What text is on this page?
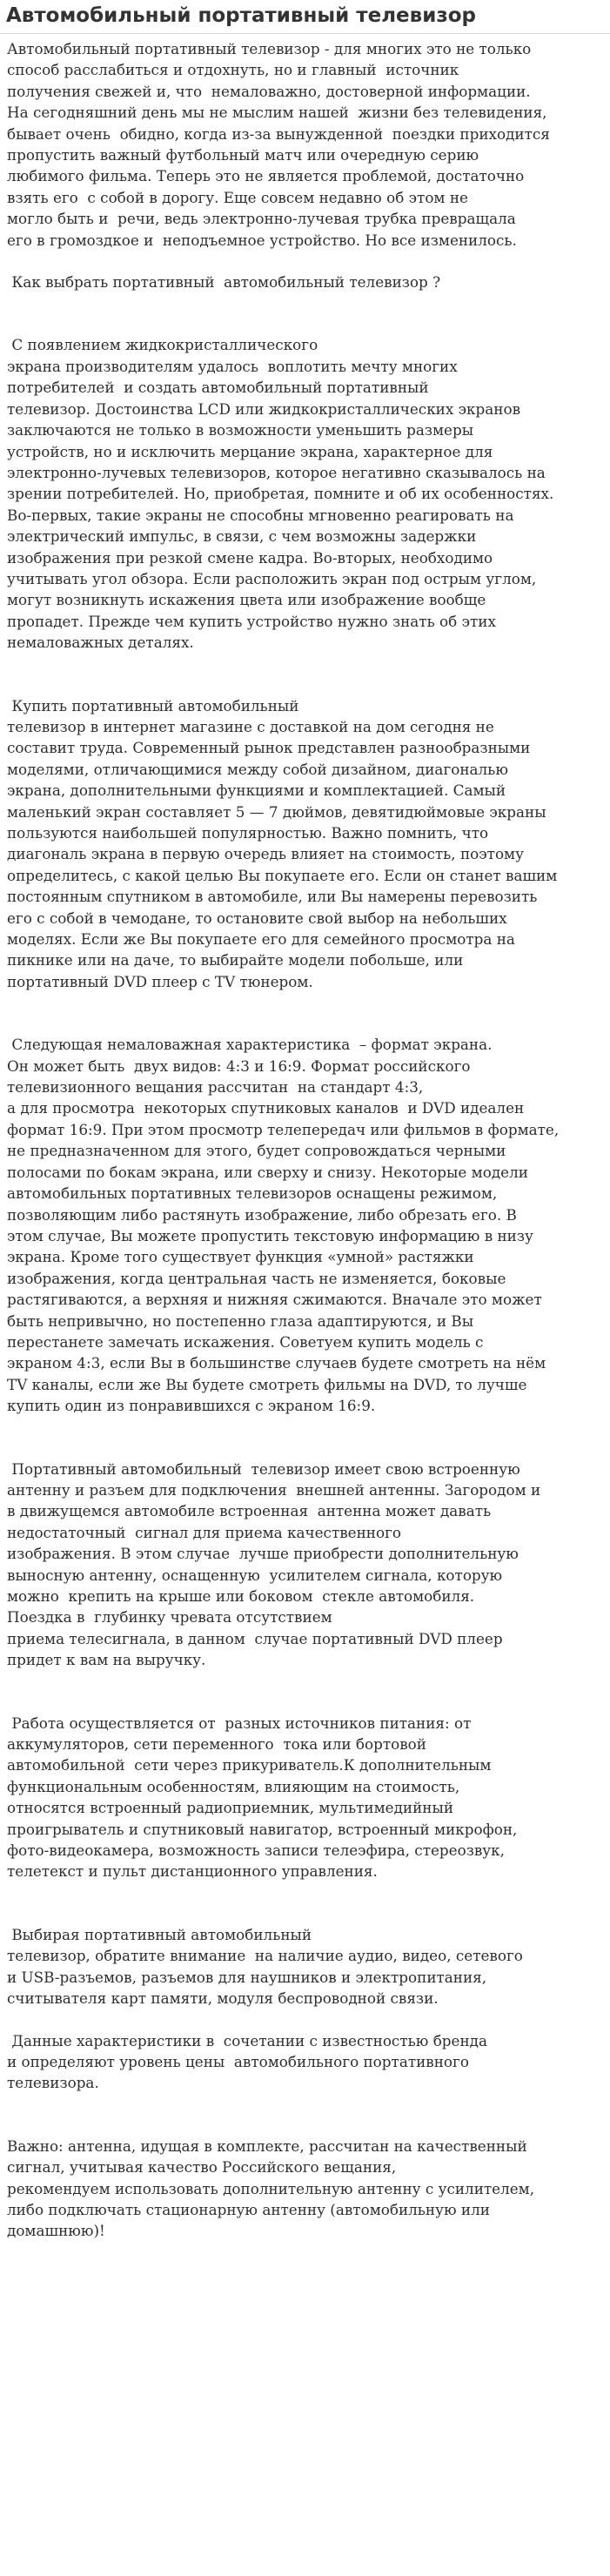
Автомобильный портативный телевизор

Автомобильный портативный телевизор - для многих это не только
способ расслабиться и отдохнуть, но и главный  источник
получения свежей и, что  немаловажно, достоверной информации.
На сегодняшний день мы не мыслим нашей  жизни без телевидения,
бывает очень  обидно, когда из-за вынужденной  поездки приходится
пропустить важный футбольный матч или очередную серию
любимого фильма. Теперь это не является проблемой, достаточно
взять его  с собой в дорогу. Еще совсем недавно об этом не
могло быть и  речи, ведь электронно-лучевая трубка превращала
его в громоздкое и  неподъемное устройство. Но все изменилось.

Как выбрать портативный  автомобильный телевизор ?

С появлением жидкокристаллического
экрана производителям удалось  воплотить мечту многих
потребителей  и создать автомобильный портативный
телевизор. Достоинства LCD или жидкокристаллических экранов
заключаются не только в возможности уменьшить размеры
устройств, но и исключить мерцание экрана, характерное для
электронно-лучевых телевизоров, которое негативно сказывалось на
зрении потребителей. Но, приобретая, помните и об их особенностях.
Во-первых, такие экраны не способны мгновенно реагировать на
электрический импульс, в связи, с чем возможны задержки
изображения при резкой смене кадра. Во-вторых, необходимо
учитывать угол обзора. Если расположить экран под острым углом,
могут возникнуть искажения цвета или изображение вообще
пропадет. Прежде чем купить устройство нужно знать об этих
немаловажных деталях.

Купить портативный автомобильный
телевизор в интернет магазине с доставкой на дом сегодня не
составит труда. Современный рынок представлен разнообразными
моделями, отличающимися между собой дизайном, диагональю
экрана, дополнительными функциями и комплектацией. Самый
маленький экран составляет 5 — 7 дюймов, девятидюймовые экраны
пользуются наибольшей популярностью. Важно помнить, что
диагональ экрана в первую очередь влияет на стоимость, поэтому
определитесь, с какой целью Вы покупаете его. Если он станет вашим
постоянным спутником в автомобиле, или Вы намерены перевозить
его с собой в чемодане, то остановите свой выбор на небольших
моделях. Если же Вы покупаете его для семейного просмотра на
пикнике или на даче, то выбирайте модели побольше, или
портативный DVD плеер с TV тюнером.

Следующая немаловажная характеристика  – формат экрана.
Он может быть  двух видов: 4:3 и 16:9. Формат российского
телевизионного вещания рассчитан  на стандарт 4:3,
а для просмотра  некоторых спутниковых каналов  и DVD идеален
формат 16:9. При этом просмотр телепередач или фильмов в формате,
не предназначенном для этого, будет сопровождаться черными
полосами по бокам экрана, или сверху и снизу. Некоторые модели
автомобильных портативных телевизоров оснащены режимом,
позволяющим либо растянуть изображение, либо обрезать его. В
этом случае, Вы можете пропустить текстовую информацию в низу
экрана. Кроме того существует функция «умной» растяжки
изображения, когда центральная часть не изменяется, боковые
растягиваются, а верхняя и нижняя сжимаются. Вначале это может
быть непривычно, но постепенно глаза адаптируются, и Вы
перестанете замечать искажения. Советуем купить модель с
экраном 4:3, если Вы в большинстве случаев будете смотреть на нём
TV каналы, если же Вы будете смотреть фильмы на DVD, то лучше
купить один из понравившихся с экраном 16:9.

Портативный автомобильный  телевизор имеет свою встроенную
антенну и разъем для подключения  внешней антенны. Загородом и
в движущемся автомобиле встроенная  антенна может давать
недостаточный  сигнал для приема качественного
изображения. В этом случае  лучше приобрести дополнительную
выносную антенну, оснащенную  усилителем сигнала, которую
можно  крепить на крыше или боковом  стекле автомобиля.
Поездка в  глубинку чревата отсутствием
приема телесигнала, в данном  случае портативный DVD плеер
придет к вам на выручку.

Работа осуществляется от  разных источников питания: от
аккумуляторов, сети переменного  тока или бортовой
автомобильной  сети через прикуриватель.К дополнительным
функциональным особенностям, влияющим на стоимость,
относятся встроенный радиоприемник, мультимедийный
проигрыватель и спутниковый навигатор, встроенный микрофон,
фото-видеокамера, возможность записи телеэфира, стереозвук,
телетекст и пульт дистанционного управления.

Выбирая портативный автомобильный
телевизор, обратите внимание  на наличие аудио, видео, сетевого
и USB-разъемов, разъемов для наушников и электропитания,
считывателя карт памяти, модуля беспроводной связи.

Данные характеристики в  сочетании с известностью бренда
и определяют уровень цены  автомобильного портативного
телевизора.

Важно: антенна, идущая в комплекте, рассчитан на качественный
сигнал, учитывая качество Российского вещания,
рекомендуем использовать дополнительную антенну с усилителем,
либо подключать стационарную антенну (автомобильную или
домашнюю)!
